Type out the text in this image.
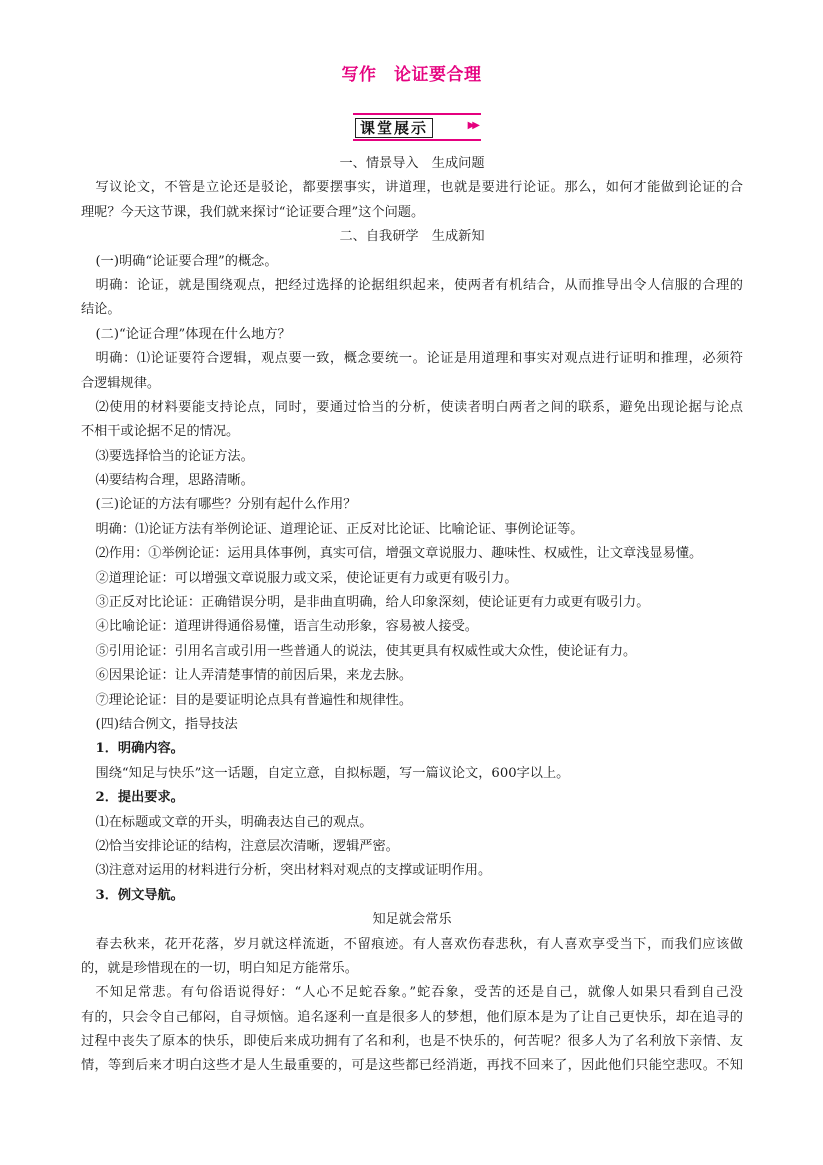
写作　论证要合理
课堂展示	▶▶
一、情景导入　生成问题
写议论文，不管是立论还是驳论，都要摆事实，讲道理，也就是要进行论证。那么，如何才能做到论证的合
理呢？今天这节课，我们就来探讨“论证要合理”这个问题。
二、自我研学　生成新知
(一)明确“论证要合理”的概念。
明确：论证，就是围绕观点，把经过选择的论据组织起来，使两者有机结合，从而推导出令人信服的合理的
结论。
(二)“论证合理”体现在什么地方？
明确：⑴论证要符合逻辑，观点要一致，概念要统一。论证是用道理和事实对观点进行证明和推理，必须符
合逻辑规律。
⑵使用的材料要能支持论点，同时，要通过恰当的分析，使读者明白两者之间的联系，避免出现论据与论点
不相干或论据不足的情况。
⑶要选择恰当的论证方法。
⑷要结构合理，思路清晰。
(三)论证的方法有哪些？分别有起什么作用？
明确：⑴论证方法有举例论证、道理论证、正反对比论证、比喻论证、事例论证等。
⑵作用：①举例论证：运用具体事例，真实可信，增强文章说服力、趣味性、权威性，让文章浅显易懂。
②道理论证：可以增强文章说服力或文采，使论证更有力或更有吸引力。
③正反对比论证：正确错误分明，是非曲直明确，给人印象深刻，使论证更有力或更有吸引力。
④比喻论证：道理讲得通俗易懂，语言生动形象，容易被人接受。
⑤引用论证：引用名言或引用一些普通人的说法，使其更具有权威性或大众性，使论证有力。
⑥因果论证：让人弄清楚事情的前因后果，来龙去脉。
⑦理论论证：目的是要证明论点具有普遍性和规律性。
(四)结合例文，指导技法
1．明确内容。
围绕“知足与快乐”这一话题，自定立意，自拟标题，写一篇议论文，600字以上。
2．提出要求。
⑴在标题或文章的开头，明确表达自己的观点。
⑵恰当安排论证的结构，注意层次清晰，逻辑严密。
⑶注意对运用的材料进行分析，突出材料对观点的支撑或证明作用。
3．例文导航。
知足就会常乐
春去秋来，花开花落，岁月就这样流逝，不留痕迹。有人喜欢伤春悲秋，有人喜欢享受当下，而我们应该做
的，就是珍惜现在的一切，明白知足方能常乐。
不知足常悲。有句俗语说得好：“人心不足蛇吞象。”蛇吞象，受苦的还是自己，就像人如果只看到自己没
有的，只会令自己郁闷，自寻烦恼。追名逐利一直是很多人的梦想，他们原本是为了让自己更快乐，却在追寻的
过程中丧失了原本的快乐，即使后来成功拥有了名和利，也是不快乐的，何苦呢？很多人为了名利放下亲情、友
情，等到后来才明白这些才是人生最重要的，可是这些都已经消逝，再找不回来了，因此他们只能空悲叹。不知
